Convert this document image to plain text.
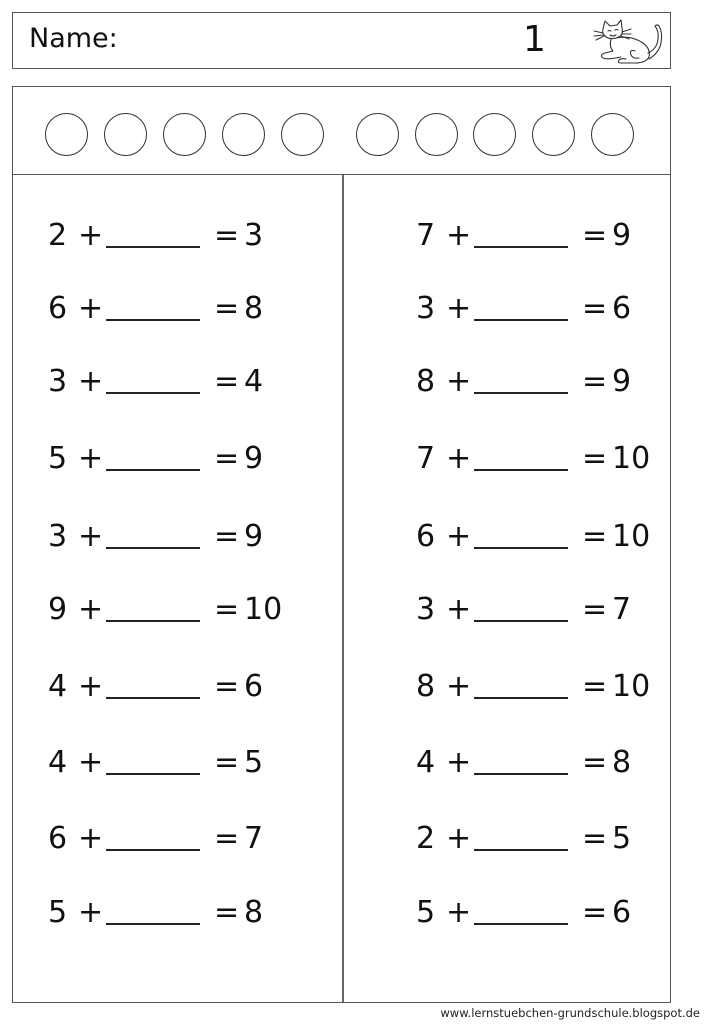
Name:	1
2 +	= 3
6 +	= 8
3 +	= 4
5 +	= 9
3 +	= 9
9 +	= 10
4 +	= 6
4 +	= 5
6 +	= 7
5 +	= 8
7 +	= 9
3 +	= 6
8 +	= 9
7 +	= 10
6 +	= 10
3 +	= 7
8 +	= 10
4 +	= 8
2 +	= 5
5 +	= 6
www.lernstuebchen-grundschule.blogspot.de
